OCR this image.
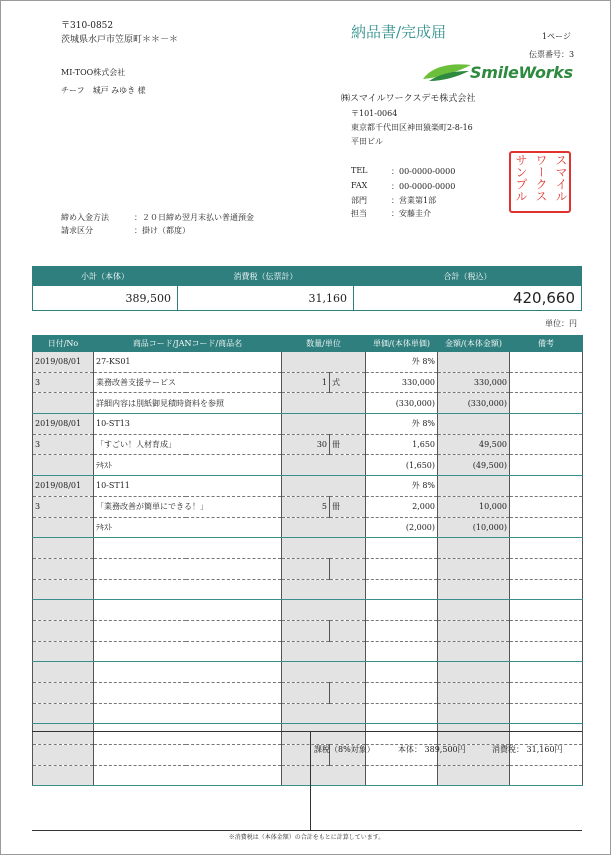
〒310-0852
茨城県水戸市笠原町＊＊－＊
MI-TOO株式会社
チーフ　城戸 みゆき 様
納品書/完成届	1ページ
伝票番号：3
SmileWorks
㈱スマイルワークスデモ株式会社
〒101-0064
東京都千代田区神田猿楽町2-8-16
平田ビル
TEL	：00-0000-0000
FAX	：00-0000-0000
部門	：営業第1部
担当	：安藤圭介
スマイル
ワークス
サンプル
締め入金方法	：２０日締め翌月末払い普通預金
請求区分	：掛け（都度）
小計（本体）	消費税（伝票計）	合計（税込）
389,500	31,160	420,660
単位：円
日付/No	商品コード/JANコード/商品名	数量/単位		単価/(本体単価)	金額/(本体金額)	備考
2019/08/01	27-KS01			外 8%		
3	業務改善支援サービス	1	式	330,000	330,000	
	詳細内容は別紙御見積時資料を参照			(330,000)	(330,000)	
2019/08/01	10-ST13			外 8%		
3	「すごい！人材育成」	30	冊	1,650	49,500	
	ﾃｷｽﾄ			(1,650)	(49,500)	
2019/08/01	10-ST11			外 8%		
3	「業務改善が簡単にできる！」	5	冊	2,000	10,000	
	ﾃｷｽﾄ			(2,000)	(10,000)	

課税（8%対象）	本体： 389,500円	消費税： 31,160円
※消費税は（本体金額）の合計をもとに計算しています。
